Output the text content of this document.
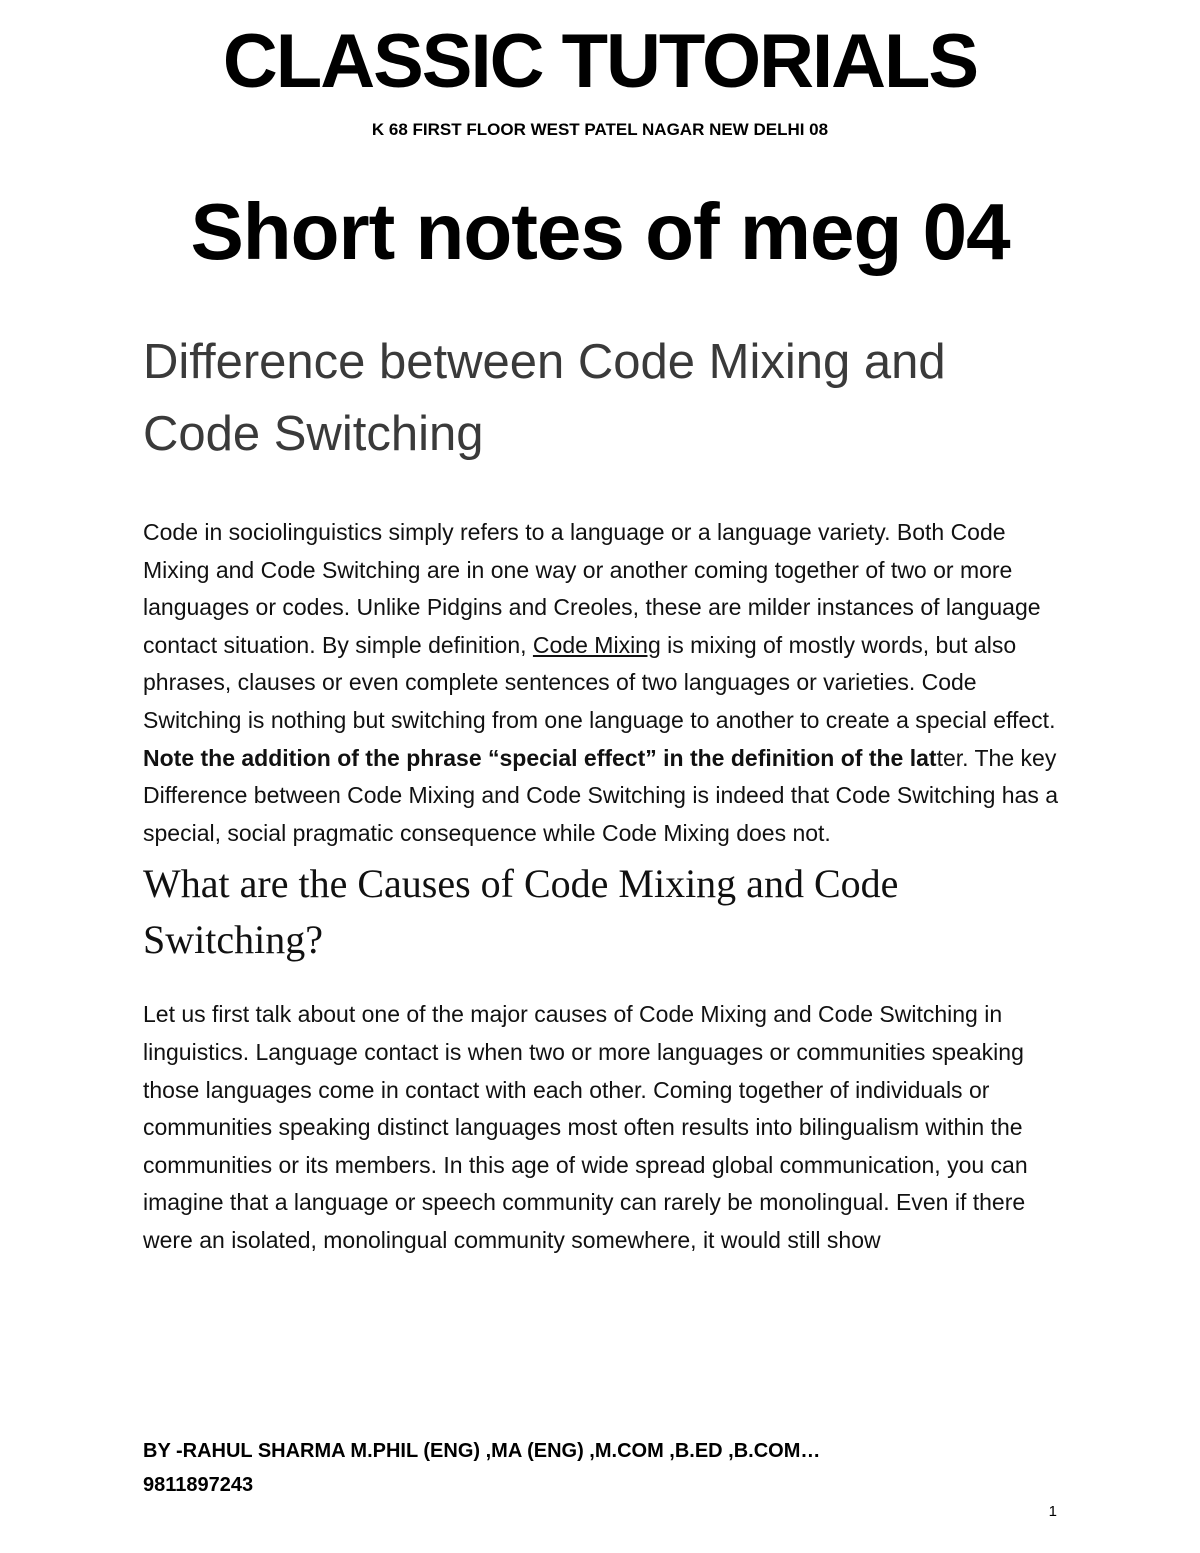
CLASSIC TUTORIALS
K 68 FIRST FLOOR WEST PATEL NAGAR NEW DELHI 08
Short notes of meg 04
Difference between Code Mixing and Code Switching

Code in sociolinguistics simply refers to a language or a language variety. Both Code Mixing and Code Switching are in one way or another coming together of two or more languages or codes. Unlike Pidgins and Creoles, these are milder instances of language contact situation. By simple definition, Code Mixing is mixing of mostly words, but also phrases, clauses or even complete sentences of two languages or varieties. Code Switching is nothing but switching from one language to another to create a special effect. Note the addition of the phrase “special effect” in the definition of the latter. The key Difference between Code Mixing and Code Switching is indeed that Code Switching has a special, social pragmatic consequence while Code Mixing does not.

What are the Causes of Code Mixing and Code Switching?

Let us first talk about one of the major causes of Code Mixing and Code Switching in linguistics. Language contact is when two or more languages or communities speaking those languages come in contact with each other. Coming together of individuals or communities speaking distinct languages most often results into bilingualism within the communities or its members. In this age of wide spread global communication, you can imagine that a language or speech community can rarely be monolingual. Even if there were an isolated, monolingual community somewhere, it would still show

BY -RAHUL SHARMA M.PHIL (ENG) ,MA (ENG) ,M.COM ,B.ED ,B.COM…
9811897243
1
